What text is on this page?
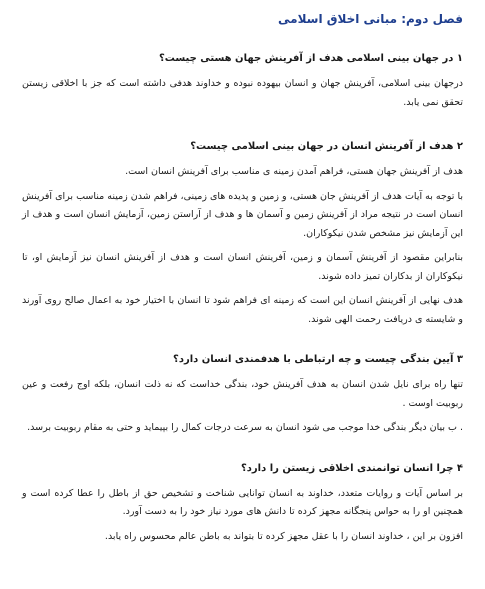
فصل دوم: مبانی اخلاق اسلامی
۱ در جهان بینی اسلامی هدف از آفرینش جهان هستی چیست؟

درجهان بینی اسلامی، آفرینش جهان و انسان بیهوده نبوده و خداوند هدفی داشته است که جز با اخلاقی زیستن تحقق نمی یابد.

۲ هدف از آفرینش انسان در جهان بینی اسلامی چیست؟

هدف از آفرینش جهان هستی، فراهم آمدن زمینه ی مناسب برای آفرینش انسان است.

با توجه به آیات هدف از آفرینش جان هستی، و زمین و پدیده های زمینی، فراهم شدن زمینه مناسب برای آفرینش انسان است در نتیجه مراد از آفرینش زمین و آسمان ها و هدف از آراستن زمین، آزمایش انسان است و هدف از این آزمایش نیز مشخص شدن نیکوکاران.

بنابراین مقصود از آفرینش آسمان و زمین، آفرینش انسان است و هدف از آفرینش انسان نیز آزمایش او، تا نیکوکاران از بدکاران تمیز داده شوند.

هدف نهایی از آفرینش انسان این است که زمینه ای فراهم شود تا انسان با اختیار خود به اعمال صالح روی آورند و شایسته ی دریافت رحمت الهی شوند.

۳ آیین بندگی چیست و چه ارتباطی با هدفمندی انسان دارد؟

تنها راه برای نایل شدن انسان به هدف آفرینش خود، بندگی خداست که نه ذلت انسان، بلکه اوج رفعت و عین ربوبیت اوست .

. ب بیان دیگر بندگی خدا موجب می شود انسان به سرعت درجات کمال را بپیماید و حتی به مقام ربوبیت برسد.

۴ چرا انسان توانمندی اخلاقی زیستن را دارد؟

بر اساس آیات و روایات متعدد، خداوند به انسان توانایی شناخت و تشخیص حق از باطل را عطا کرده است و همچنین او را به حواس پنجگانه مجهز کرده تا دانش های مورد نیاز خود را به دست آورد.

افزون بر این ، خداوند انسان را با عقل مجهز کرده تا بتواند به باطن عالم محسوس راه یابد.
